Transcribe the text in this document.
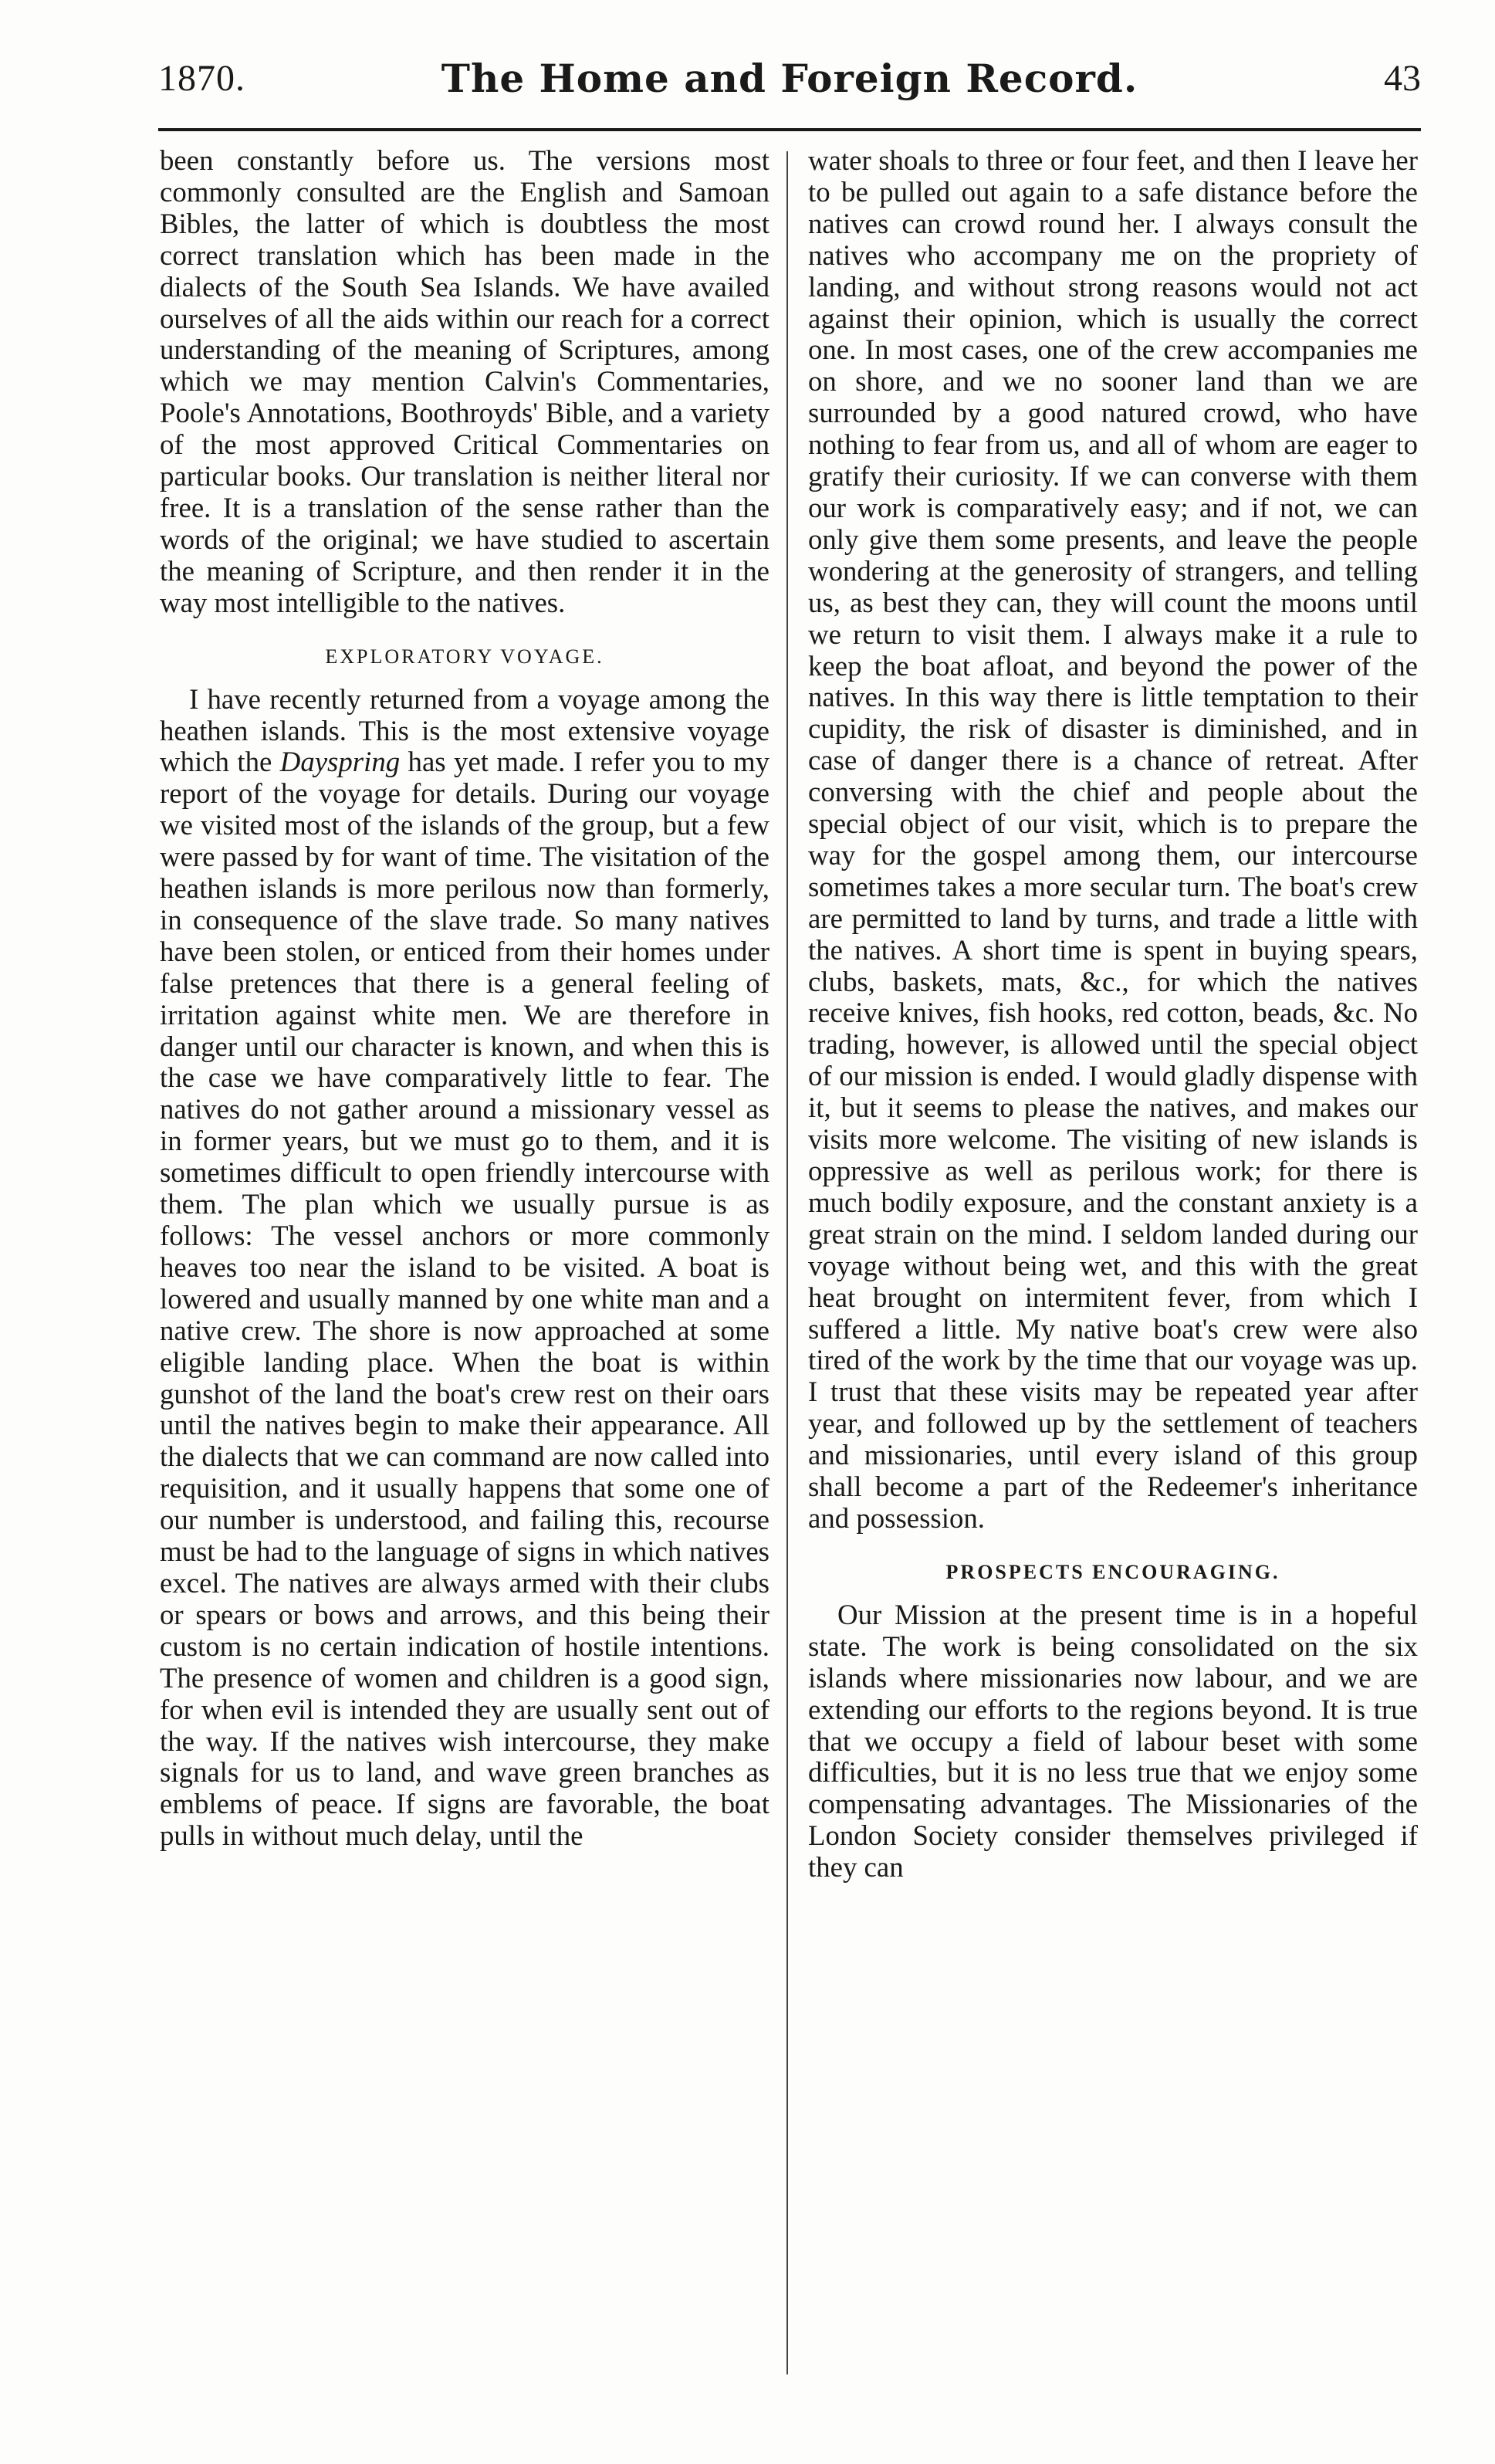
1870.	The Home and Foreign Record.	43

been constantly before us. The versions most commonly consulted are the English and Samoan Bibles, the latter of which is doubtless the most correct translation which has been made in the dialects of the South Sea Islands. We have availed ourselves of all the aids within our reach for a correct understanding of the meaning of Scriptures, among which we may mention Calvin's Commentaries, Poole's Annotations, Boothroyds' Bible, and a variety of the most approved Critical Commentaries on particular books. Our translation is neither literal nor free. It is a translation of the sense rather than the words of the original; we have studied to ascertain the meaning of Scripture, and then render it in the way most intelligible to the natives.

EXPLORATORY VOYAGE.

I have recently returned from a voyage among the heathen islands. This is the most extensive voyage which the Dayspring has yet made. I refer you to my report of the voyage for details. During our voyage we visited most of the islands of the group, but a few were passed by for want of time. The visitation of the heathen islands is more perilous now than formerly, in consequence of the slave trade. So many natives have been stolen, or enticed from their homes under false pretences that there is a general feeling of irritation against white men. We are therefore in danger until our character is known, and when this is the case we have comparatively little to fear. The natives do not gather around a missionary vessel as in former years, but we must go to them, and it is sometimes difficult to open friendly intercourse with them. The plan which we usually pursue is as follows: The vessel anchors or more commonly heaves too near the island to be visited. A boat is lowered and usually manned by one white man and a native crew. The shore is now approached at some eligible landing place. When the boat is within gunshot of the land the boat's crew rest on their oars until the natives begin to make their appearance. All the dialects that we can command are now called into requisition, and it usually happens that some one of our number is understood, and failing this, recourse must be had to the language of signs in which natives excel. The natives are always armed with their clubs or spears or bows and arrows, and this being their custom is no certain indication of hostile intentions. The presence of women and children is a good sign, for when evil is intended they are usually sent out of the way. If the natives wish intercourse, they make signals for us to land, and wave green branches as emblems of peace. If signs are favorable, the boat pulls in without much delay, until the

water shoals to three or four feet, and then I leave her to be pulled out again to a safe distance before the natives can crowd round her. I always consult the natives who accompany me on the propriety of landing, and without strong reasons would not act against their opinion, which is usually the correct one. In most cases, one of the crew accompanies me on shore, and we no sooner land than we are surrounded by a good natured crowd, who have nothing to fear from us, and all of whom are eager to gratify their curiosity. If we can converse with them our work is comparatively easy; and if not, we can only give them some presents, and leave the people wondering at the generosity of strangers, and telling us, as best they can, they will count the moons until we return to visit them. I always make it a rule to keep the boat afloat, and beyond the power of the natives. In this way there is little temptation to their cupidity, the risk of disaster is diminished, and in case of danger there is a chance of retreat. After conversing with the chief and people about the special object of our visit, which is to prepare the way for the gospel among them, our intercourse sometimes takes a more secular turn. The boat's crew are permitted to land by turns, and trade a little with the natives. A short time is spent in buying spears, clubs, baskets, mats, &c., for which the natives receive knives, fish hooks, red cotton, beads, &c. No trading, however, is allowed until the special object of our mission is ended. I would gladly dispense with it, but it seems to please the natives, and makes our visits more welcome. The visiting of new islands is oppressive as well as perilous work; for there is much bodily exposure, and the constant anxiety is a great strain on the mind. I seldom landed during our voyage without being wet, and this with the great heat brought on intermitent fever, from which I suffered a little. My native boat's crew were also tired of the work by the time that our voyage was up. I trust that these visits may be repeated year after year, and followed up by the settlement of teachers and missionaries, until every island of this group shall become a part of the Redeemer's inheritance and possession.

PROSPECTS ENCOURAGING.

Our Mission at the present time is in a hopeful state. The work is being consolidated on the six islands where missionaries now labour, and we are extending our efforts to the regions beyond. It is true that we occupy a field of labour beset with some difficulties, but it is no less true that we enjoy some compensating advantages. The Missionaries of the London Society consider themselves privileged if they can
